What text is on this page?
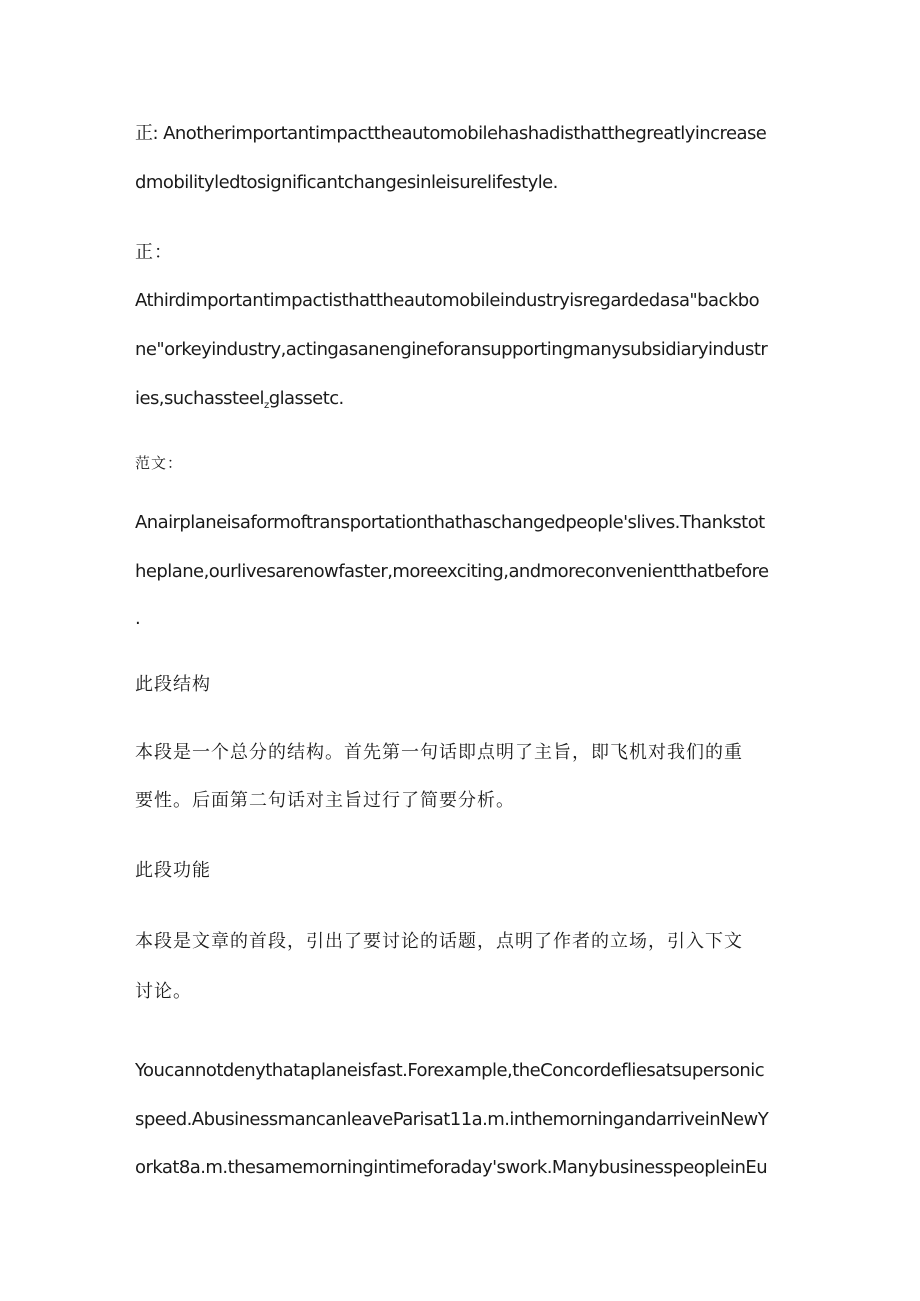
正: Anotherimportantimpacttheautomobilehashadisthatthegreatlyincrease
dmobilityledtosignificantchangesinleisurelifestyle.
正：
Athirdimportantimpactisthattheautomobileindustryisregardedasa"backbo
ne"orkeyindustry,actingasanengineforansupportingmanysubsidiaryindustr
ies,suchassteel$_z$glassetc.
范文：
Anairplaneisaformoftransportationthathaschangedpeople'slives.Thankstot
heplane,ourlivesarenowfaster,moreexciting,andmoreconvenientthatbefore
.
此段结构
本段是一个总分的结构。首先第一句话即点明了主旨，即飞机对我们的重
要性。后面第二句话对主旨过行了简要分析。
此段功能
本段是文章的首段，引出了要讨论的话题，点明了作者的立场，引入下文
讨论。
Youcannotdenythataplaneisfast.Forexample,theConcordefliesatsupersonic
speed.AbusinessmancanleaveParisat11a.m.inthemorningandarriveinNewY
orkat8a.m.thesamemorningintimeforaday'swork.ManybusinesspeopleinEu
